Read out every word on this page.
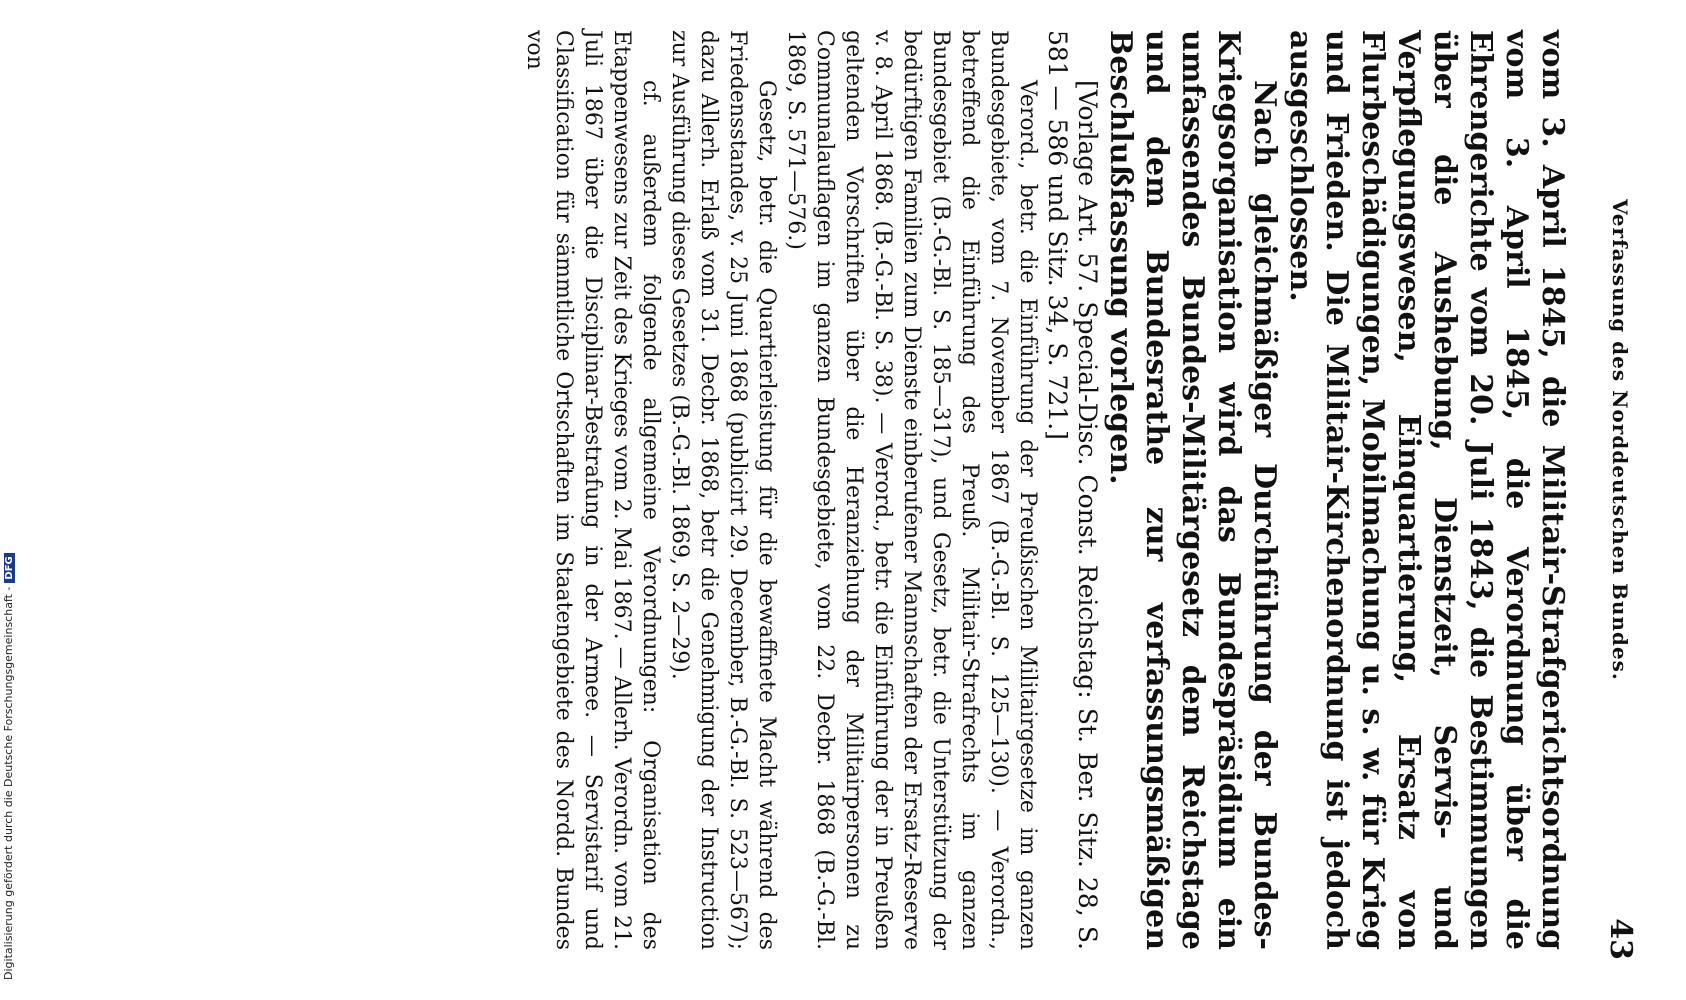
Verfassung des Norddeutschen Bundes.
43

vom 3. April 1845, die Militair-Strafgerichtsordnung vom 3. April 1845, die Verordnung über die Ehrengerichte vom 20. Juli 1843, die Bestimmungen über die Aushebung, Dienstzeit, Servis- und Verpflegungswesen, Einquartierung, Ersatz von Flurbeschädigungen, Mobilmachung u. s. w. für Krieg und Frieden. Die Militair-Kirchenordnung ist jedoch ausgeschlossen.

Nach gleichmäßiger Durchführung der Bundes-Kriegsorganisation wird das Bundespräsidium ein umfassendes Bundes-Militärgesetz dem Reichstage und dem Bundesrathe zur verfassungsmäßigen Beschlußfassung vorlegen.

[Vorlage Art. 57. Special-Disc. Const. Reichstag: St. Ber. Sitz. 28, S. 581 — 586 und Sitz. 34, S. 721.]

Verord., betr. die Einführung der Preußischen Militairgesetze im ganzen Bundesgebiete, vom 7. November 1867 (B.-G.-Bl. S. 125—130). — Verordn., betreffend die Einführung des Preuß. Militair-Strafrechts im ganzen Bundesgebiet (B.-G.-Bl. S. 185—317), und Gesetz, betr. die Unterstützung der bedürftigen Familien zum Dienste einberufener Mannschaften der Ersatz-Reserve v. 8. April 1868. (B.-G.-Bl. S. 38). — Verord., betr. die Einführung der in Preußen geltenden Vorschriften über die Heranziehung der Militairpersonen zu Communalauflagen im ganzen Bundesgebiete, vom 22. Decbr. 1868 (B.-G.-Bl. 1869, S. 571—576.)

Gesetz, betr. die Quartierleistung für die bewaffnete Macht während des Friedensstandes, v. 25 Juni 1868 (publicirt 29. December, B.-G.-Bl. S. 523—567); dazu Allerh. Erlaß vom 31. Decbr. 1868, betr die Genehmigung der Instruction zur Ausführung dieses Gesetzes (B.-G.-Bl. 1869, S. 2—29).

cf. außerdem folgende allgemeine Verordnungen: Organisation des Etappenwesens zur Zeit des Krieges vom 2. Mai 1867. — Allerh. Verordn. vom 21. Juli 1867 über die Disciplinar-Bestrafung in der Armee. — Servistarif und Classification für sämmtliche Ortschaften im Staatengebiete des Nordd. Bundes von

Digitalisierung gefördert durch die Deutsche Forschungsgemeinschaft -DFG
